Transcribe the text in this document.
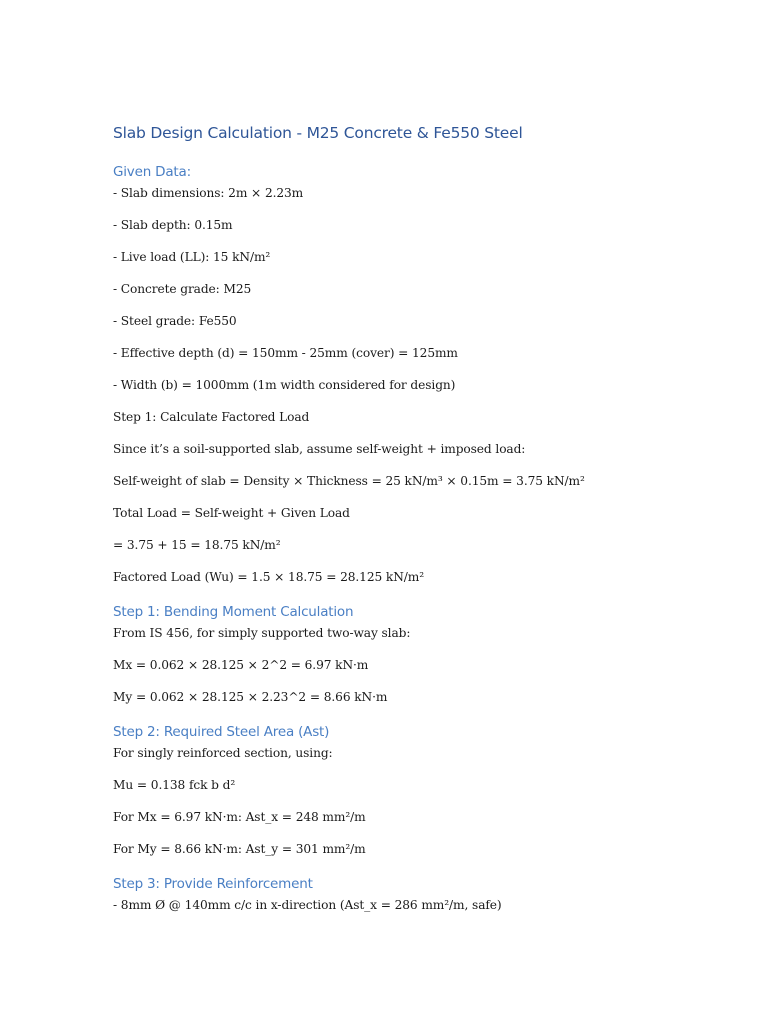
Slab Design Calculation - M25 Concrete & Fe550 Steel
Given Data:

- Slab dimensions: 2m × 2.23m

- Slab depth: 0.15m

- Live load (LL): 15 kN/m²

- Concrete grade: M25

- Steel grade: Fe550

- Effective depth (d) = 150mm - 25mm (cover) = 125mm

- Width (b) = 1000mm (1m width considered for design)

Step 1: Calculate Factored Load

Since it’s a soil-supported slab, assume self-weight + imposed load:

Self-weight of slab = Density × Thickness = 25 kN/m³ × 0.15m = 3.75 kN/m²

Total Load = Self-weight + Given Load

= 3.75 + 15 = 18.75 kN/m²

Factored Load (Wu) = 1.5 × 18.75 = 28.125 kN/m²

Step 1: Bending Moment Calculation

From IS 456, for simply supported two-way slab:

Mx = 0.062 × 28.125 × 2^2 = 6.97 kN·m

My = 0.062 × 28.125 × 2.23^2 = 8.66 kN·m

Step 2: Required Steel Area (Ast)

For singly reinforced section, using:

Mu = 0.138 fck b d²

For Mx = 6.97 kN·m: Ast_x = 248 mm²/m

For My = 8.66 kN·m: Ast_y = 301 mm²/m

Step 3: Provide Reinforcement

- 8mm Ø @ 140mm c/c in x-direction (Ast_x = 286 mm²/m, safe)
